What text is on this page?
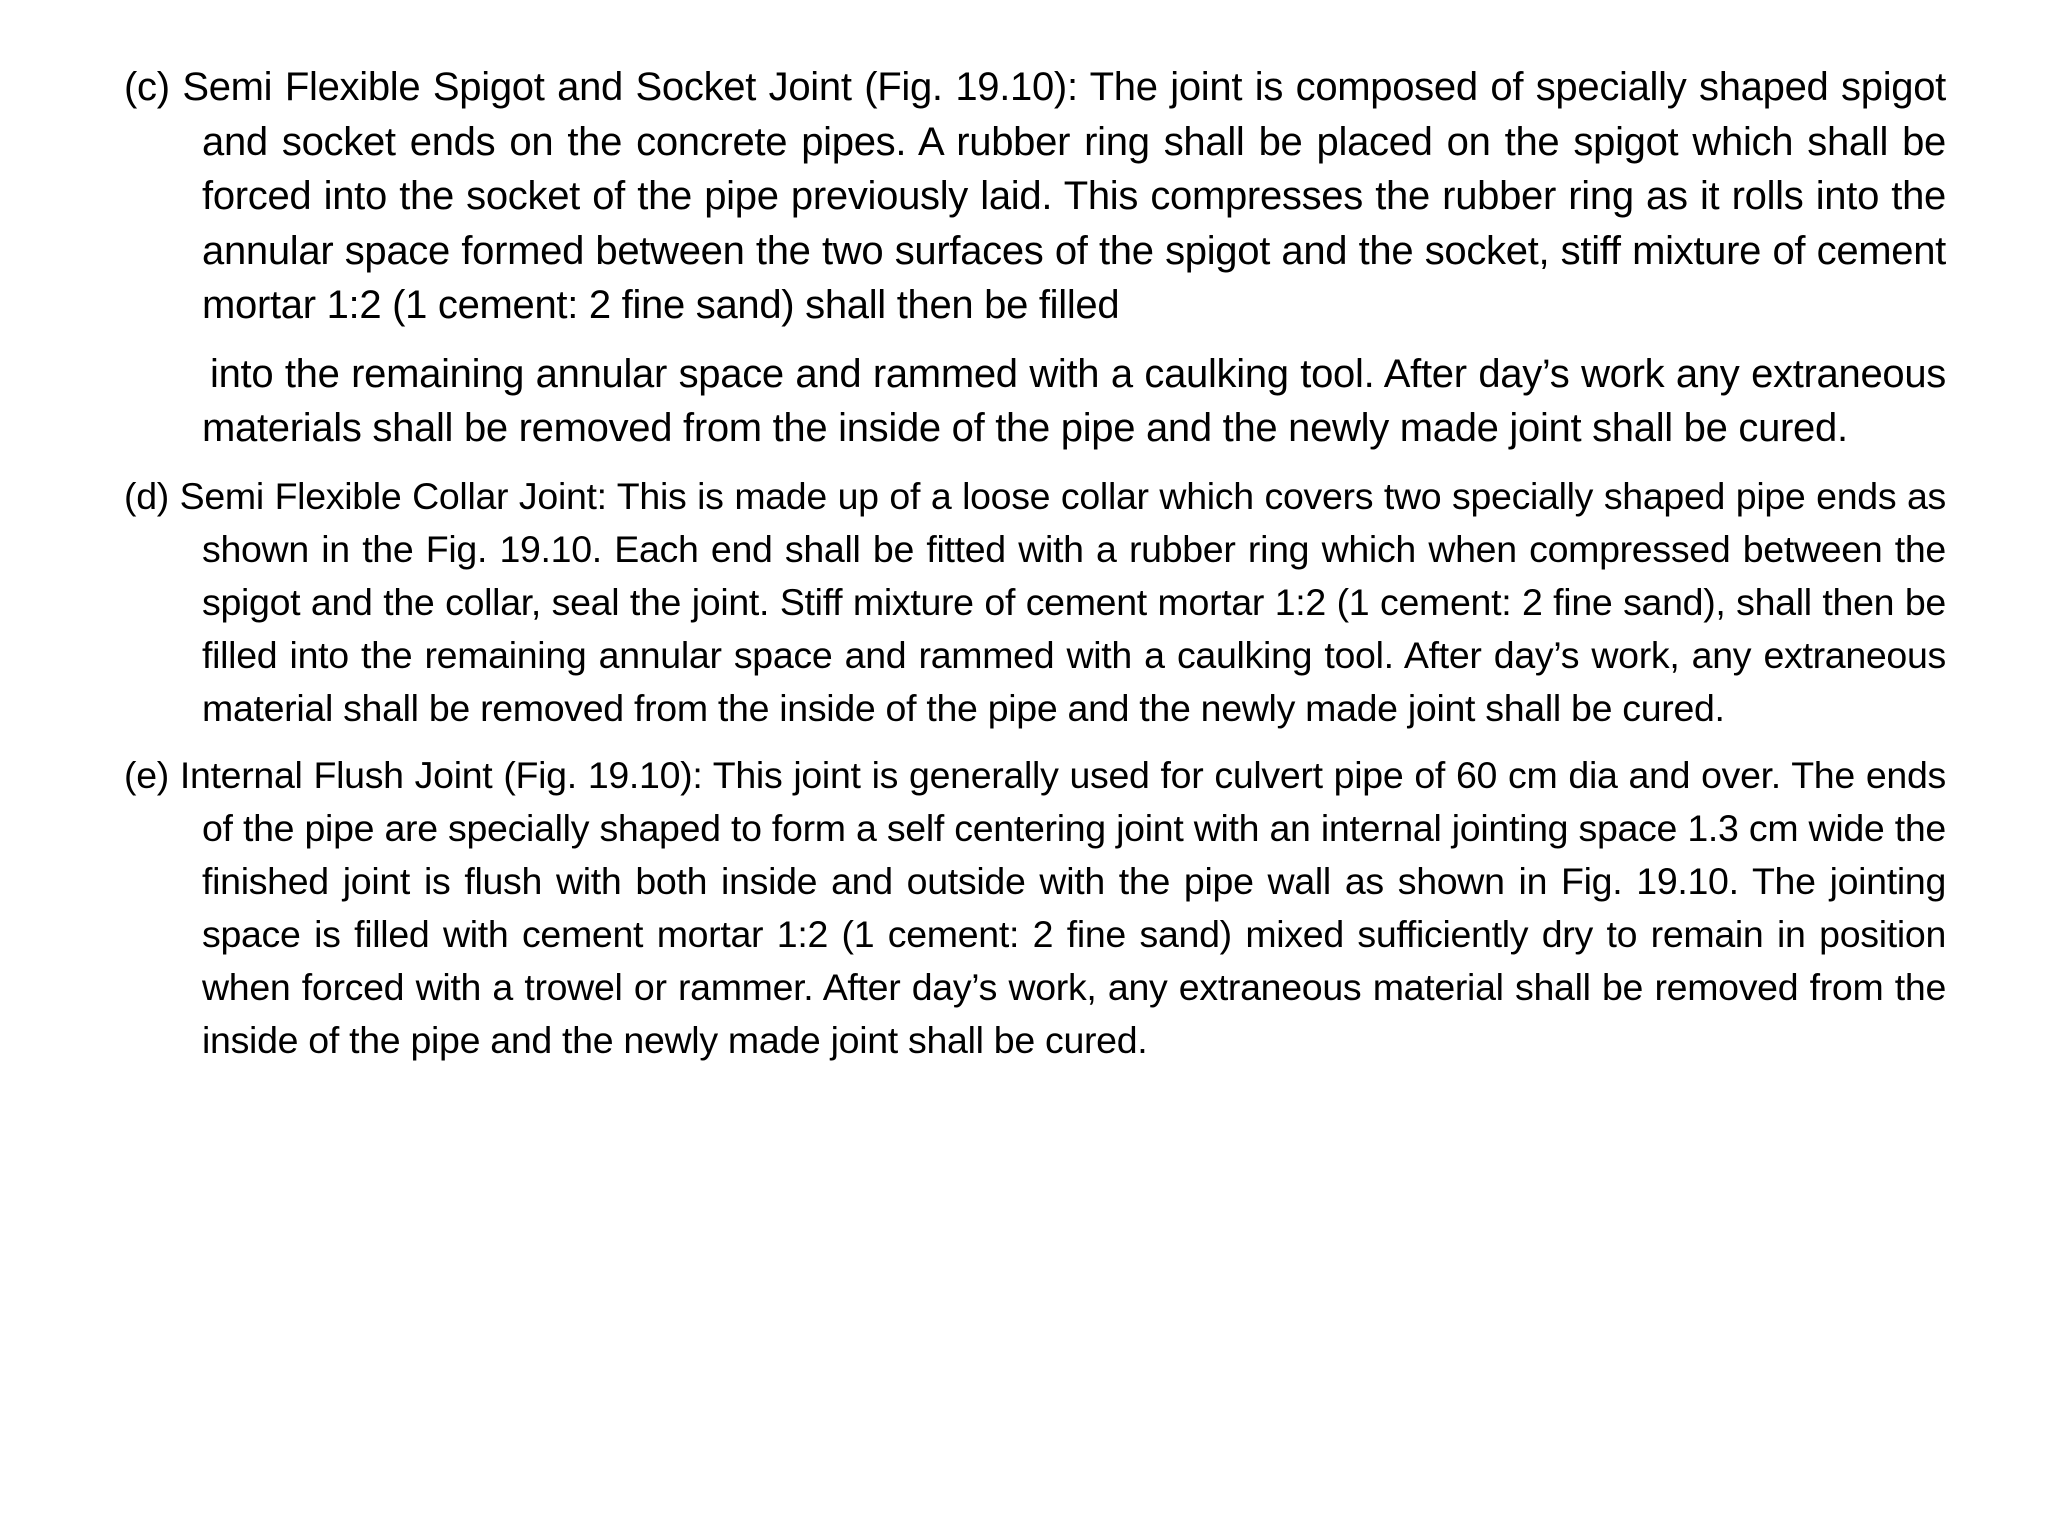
(c) Semi Flexible Spigot and Socket Joint (Fig. 19.10): The joint is composed of specially shaped spigot and socket ends on the concrete pipes. A rubber ring shall be placed on the spigot which shall be forced into the socket of the pipe previously laid. This compresses the rubber ring as it rolls into the annular space formed between the two surfaces of the spigot and the socket, stiff mixture of cement mortar 1:2 (1 cement: 2 fine sand) shall then be filled

into the remaining annular space and rammed with a caulking tool. After day’s work any extraneous materials shall be removed from the inside of the pipe and the newly made joint shall be cured.

(d) Semi Flexible Collar Joint: This is made up of a loose collar which covers two specially shaped pipe ends as shown in the Fig. 19.10. Each end shall be fitted with a rubber ring which when compressed between the spigot and the collar, seal the joint. Stiff mixture of cement mortar 1:2 (1 cement: 2 fine sand), shall then be filled into the remaining annular space and rammed with a caulking tool. After day’s work, any extraneous material shall be removed from the inside of the pipe and the newly made joint shall be cured.

(e) Internal Flush Joint (Fig. 19.10): This joint is generally used for culvert pipe of 60 cm dia and over. The ends of the pipe are specially shaped to form a self centering joint with an internal jointing space 1.3 cm wide the finished joint is flush with both inside and outside with the pipe wall as shown in Fig. 19.10. The jointing space is filled with cement mortar 1:2 (1 cement: 2 fine sand) mixed sufficiently dry to remain in position when forced with a trowel or rammer. After day’s work, any extraneous material shall be removed from the inside of the pipe and the newly made joint shall be cured.
